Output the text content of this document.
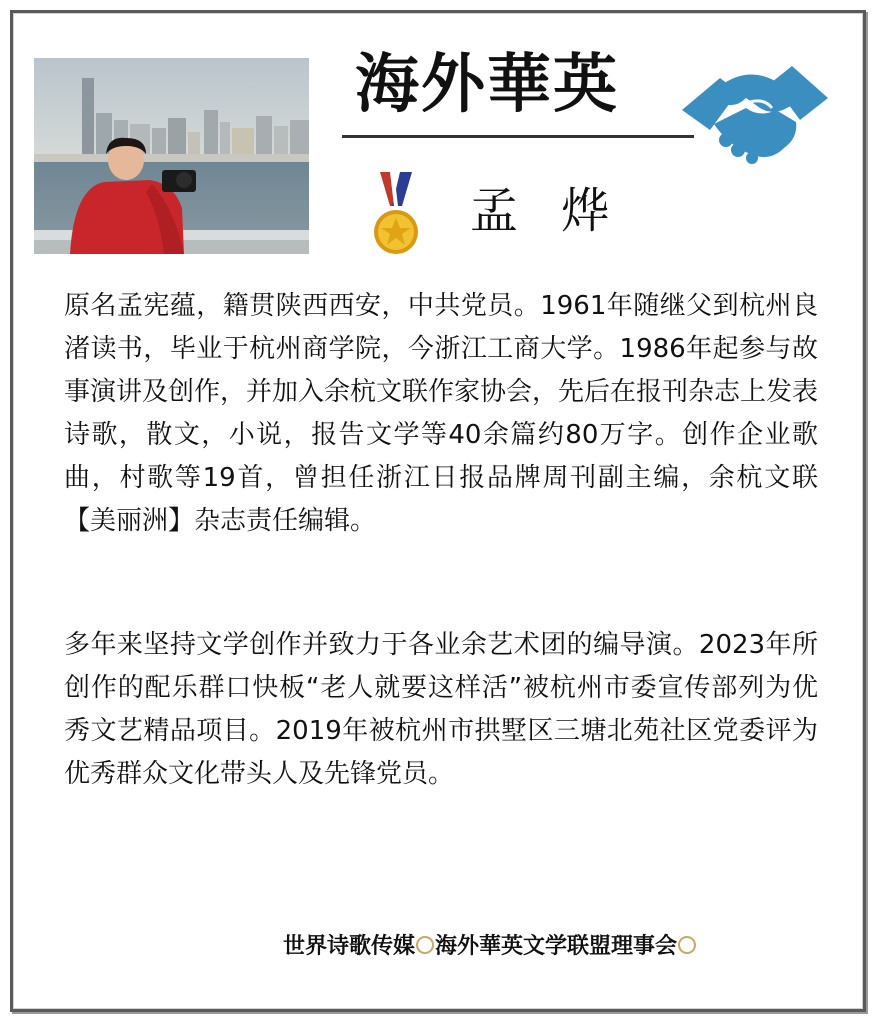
海外華英
孟 烨

原名孟宪蕴，籍贯陕西西安，中共党员。1961年随继父到杭州良渚读书，毕业于杭州商学院，今浙江工商大学。1986年起参与故事演讲及创作，并加入余杭文联作家协会，先后在报刊杂志上发表诗歌，散文，小说，报告文学等40余篇约80万字。创作企业歌曲，村歌等19首，曾担任浙江日报品牌周刊副主编，余杭文联【美丽洲】杂志责任编辑。

多年来坚持文学创作并致力于各业余艺术团的编导演。2023年所创作的配乐群口快板“老人就要这样活”被杭州市委宣传部列为优秀文艺精品项目。2019年被杭州市拱墅区三塘北苑社区党委评为优秀群众文化带头人及先锋党员。

世界诗歌传媒 海外華英文学联盟理事会
